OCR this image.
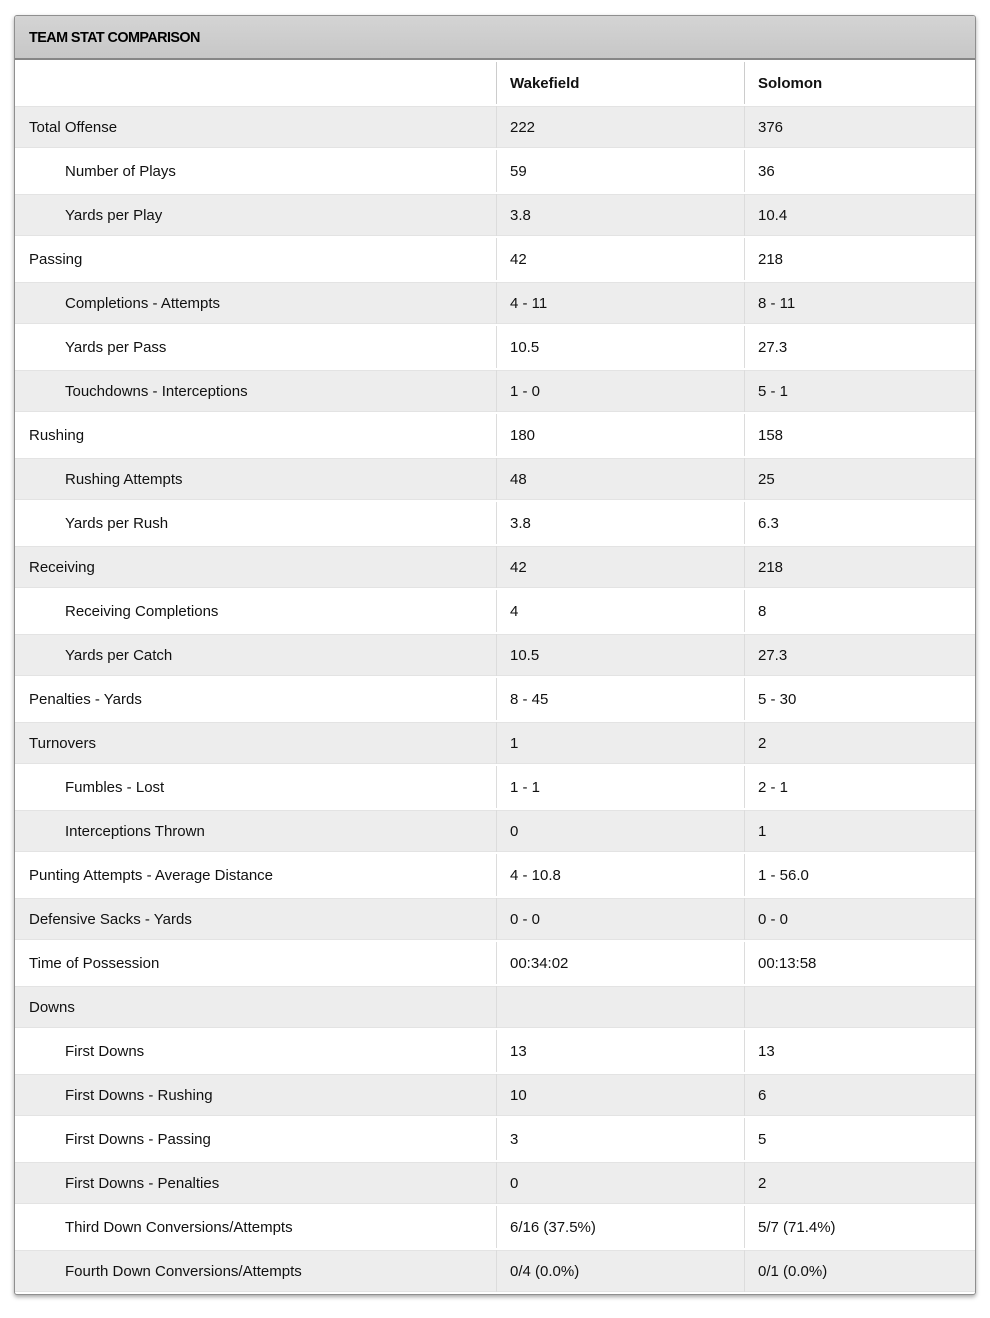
TEAM STAT COMPARISON
	Wakefield	Solomon
Total Offense	222	376
Number of Plays	59	36
Yards per Play	3.8	10.4
Passing	42	218
Completions - Attempts	4 - 11	8 - 11
Yards per Pass	10.5	27.3
Touchdowns - Interceptions	1 - 0	5 - 1
Rushing	180	158
Rushing Attempts	48	25
Yards per Rush	3.8	6.3
Receiving	42	218
Receiving Completions	4	8
Yards per Catch	10.5	27.3
Penalties - Yards	8 - 45	5 - 30
Turnovers	1	2
Fumbles - Lost	1 - 1	2 - 1
Interceptions Thrown	0	1
Punting Attempts - Average Distance	4 - 10.8	1 - 56.0
Defensive Sacks - Yards	0 - 0	0 - 0
Time of Possession	00:34:02	00:13:58
Downs		
First Downs	13	13
First Downs - Rushing	10	6
First Downs - Passing	3	5
First Downs - Penalties	0	2
Third Down Conversions/Attempts	6/16 (37.5%)	5/7 (71.4%)
Fourth Down Conversions/Attempts	0/4 (0.0%)	0/1 (0.0%)
